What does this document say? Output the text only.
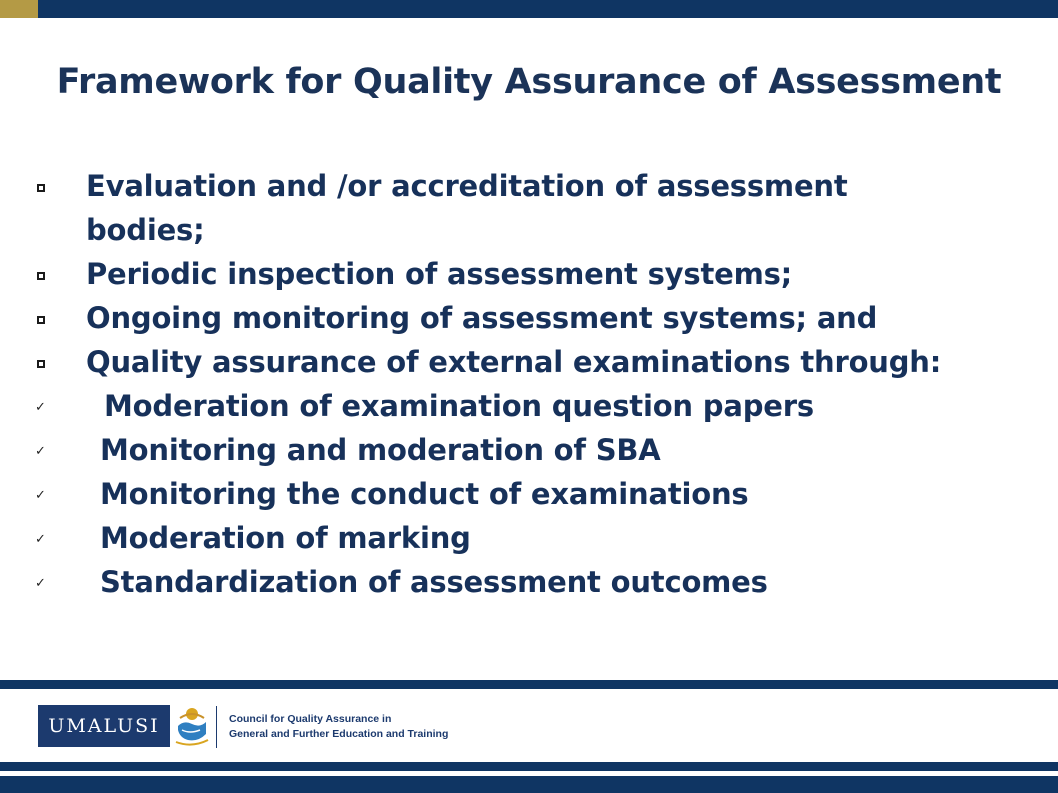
Framework for Quality Assurance of Assessment
Evaluation and /or accreditation of assessment bodies;
Periodic inspection of assessment systems;
Ongoing monitoring of assessment systems; and
Quality assurance of external examinations through:
✓ Moderation of examination question papers
✓ Monitoring and moderation of SBA
✓ Monitoring the conduct of examinations
✓ Moderation of marking
✓ Standardization of assessment outcomes
UMALUSI	Council for Quality Assurance in
General and Further Education and Training
